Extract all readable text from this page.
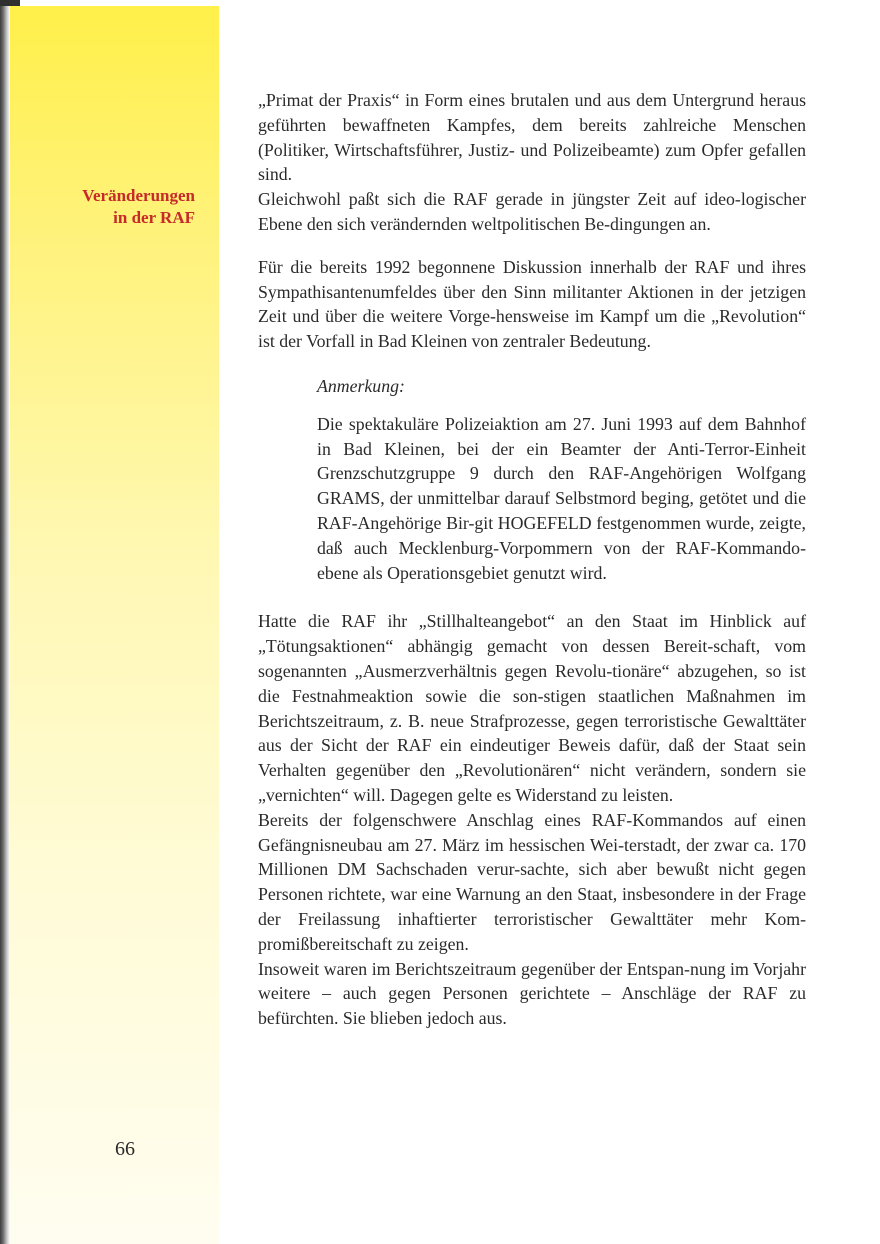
Veränderungen
in der RAF
66

„Primat der Praxis“ in Form eines brutalen und aus dem Untergrund heraus geführten bewaffneten Kampfes, dem bereits zahlreiche Menschen (Politiker, Wirtschaftsführer, Justiz- und Polizeibeamte) zum Opfer gefallen sind.

Gleichwohl paßt sich die RAF gerade in jüngster Zeit auf ideo-logischer Ebene den sich verändernden weltpolitischen Be-dingungen an.

Für die bereits 1992 begonnene Diskussion innerhalb der RAF und ihres Sympathisantenumfeldes über den Sinn militanter Aktionen in der jetzigen Zeit und über die weitere Vorge-hensweise im Kampf um die „Revolution“ ist der Vorfall in Bad Kleinen von zentraler Bedeutung.

Anmerkung:

Die spektakuläre Polizeiaktion am 27. Juni 1993 auf dem Bahnhof in Bad Kleinen, bei der ein Beamter der Anti-Terror-Einheit Grenzschutzgruppe 9 durch den RAF-Angehörigen Wolfgang GRAMS, der unmittelbar darauf Selbstmord beging, getötet und die RAF-Angehörige Bir-git HOGEFELD festgenommen wurde, zeigte, daß auch Mecklenburg-Vorpommern von der RAF-Kommando-ebene als Operationsgebiet genutzt wird.

Hatte die RAF ihr „Stillhalteangebot“ an den Staat im Hinblick auf „Tötungsaktionen“ abhängig gemacht von dessen Bereit-schaft, vom sogenannten „Ausmerzverhältnis gegen Revolu-tionäre“ abzugehen, so ist die Festnahmeaktion sowie die son-stigen staatlichen Maßnahmen im Berichtszeitraum, z. B. neue Strafprozesse, gegen terroristische Gewalttäter aus der Sicht der RAF ein eindeutiger Beweis dafür, daß der Staat sein Verhalten gegenüber den „Revolutionären“ nicht verändern, sondern sie „vernichten“ will. Dagegen gelte es Widerstand zu leisten.

Bereits der folgenschwere Anschlag eines RAF-Kommandos auf einen Gefängnisneubau am 27. März im hessischen Wei-terstadt, der zwar ca. 170 Millionen DM Sachschaden verur-sachte, sich aber bewußt nicht gegen Personen richtete, war eine Warnung an den Staat, insbesondere in der Frage der Freilassung inhaftierter terroristischer Gewalttäter mehr Kom-promißbereitschaft zu zeigen.

Insoweit waren im Berichtszeitraum gegenüber der Entspan-nung im Vorjahr weitere – auch gegen Personen gerichtete – Anschläge der RAF zu befürchten. Sie blieben jedoch aus.
